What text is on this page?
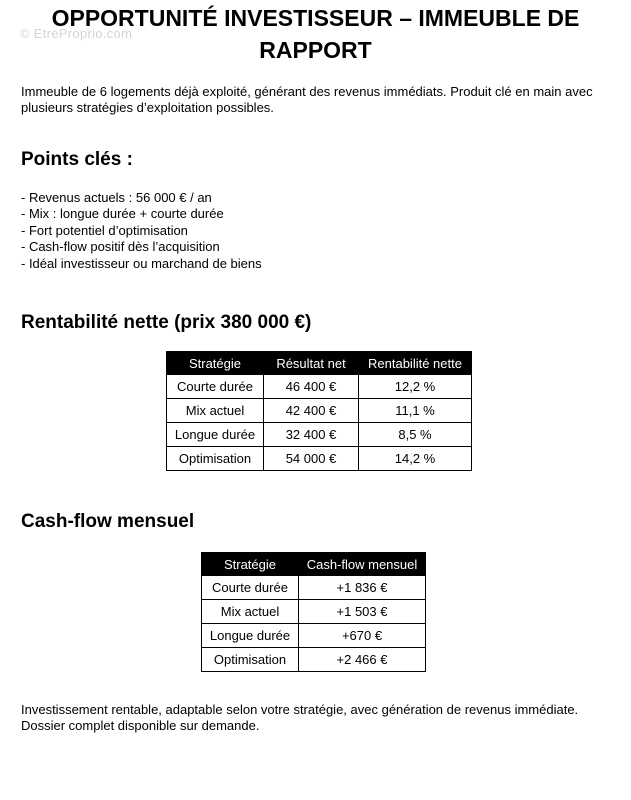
© EtreProprio.com
OPPORTUNITÉ INVESTISSEUR – IMMEUBLE DE RAPPORT

Immeuble de 6 logements déjà exploité, générant des revenus immédiats. Produit clé en main avec plusieurs stratégies d’exploitation possibles.

Points clés :
- Revenus actuels : 56 000 € / an
- Mix : longue durée + courte durée
- Fort potentiel d’optimisation
- Cash-flow positif dès l’acquisition
- Idéal investisseur ou marchand de biens
Rentabilité nette (prix 380 000 €)
Stratégie	Résultat net	Rentabilité nette
Courte durée	46 400 €	12,2 %
Mix actuel	42 400 €	11,1 %
Longue durée	32 400 €	8,5 %
Optimisation	54 000 €	14,2 %
Cash-flow mensuel
Stratégie	Cash-flow mensuel
Courte durée	+1 836 €
Mix actuel	+1 503 €
Longue durée	+670 €
Optimisation	+2 466 €

Investissement rentable, adaptable selon votre stratégie, avec génération de revenus immédiate. Dossier complet disponible sur demande.
